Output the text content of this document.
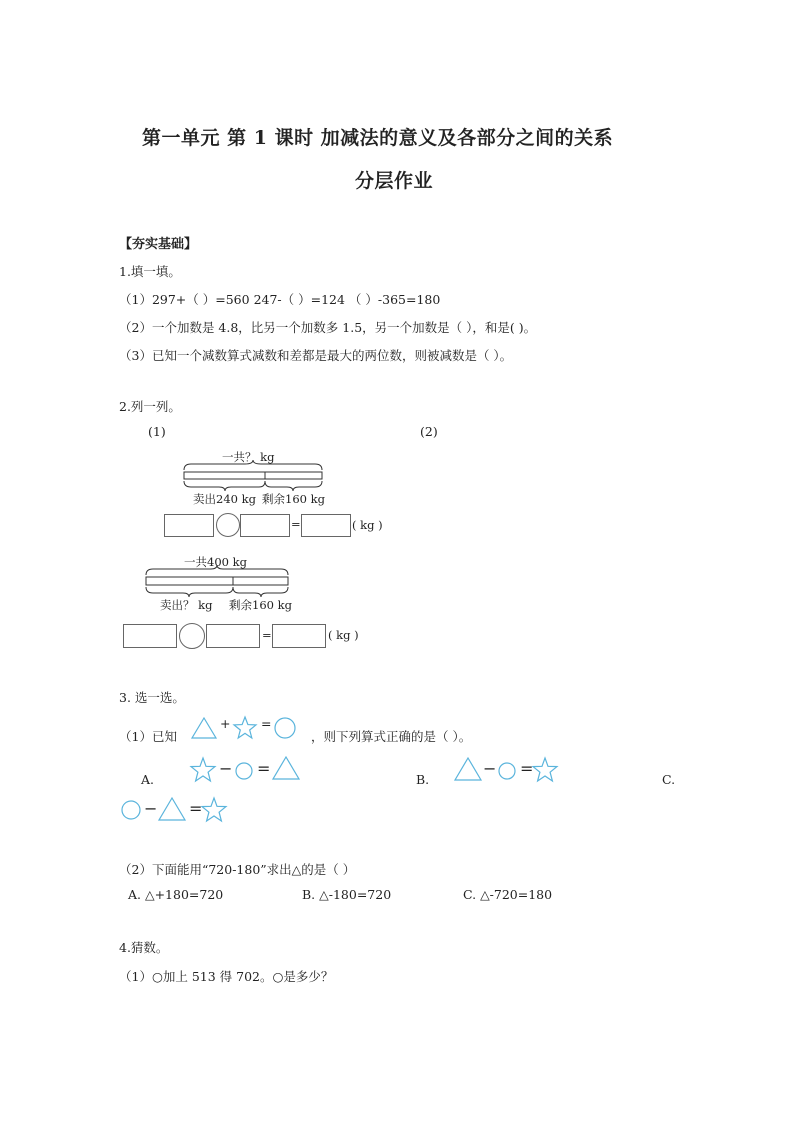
第一单元 第 1 课时 加减法的意义及各部分之间的关系
分层作业
【夯实基础】
1.填一填。
（1）297+（ ）=560 247-（ ）=124 （ ）-365=180
（2）一个加数是 4.8，比另一个加数多 1.5，另一个加数是（ ），和是( )。
（3）已知一个减数算式减数和差都是最大的两位数，则被减数是（ ）。
2.列一列。
(1)	(2)
一共？ kg
卖出240 kg 剩余160 kg
=	( kg )
一共400 kg
卖出？ kg 剩余160 kg
=	( kg )
3. 选一选。
（1）已知
+ =
，则下列算式正确的是（ ）。
A.
− =
B.
− =
C.
− =
（2）下面能用“720-180”求出△的是（ ）
A. △+180=720	B. △-180=720	C. △-720=180
4.猜数。
（1）○加上 513 得 702。○是多少？
